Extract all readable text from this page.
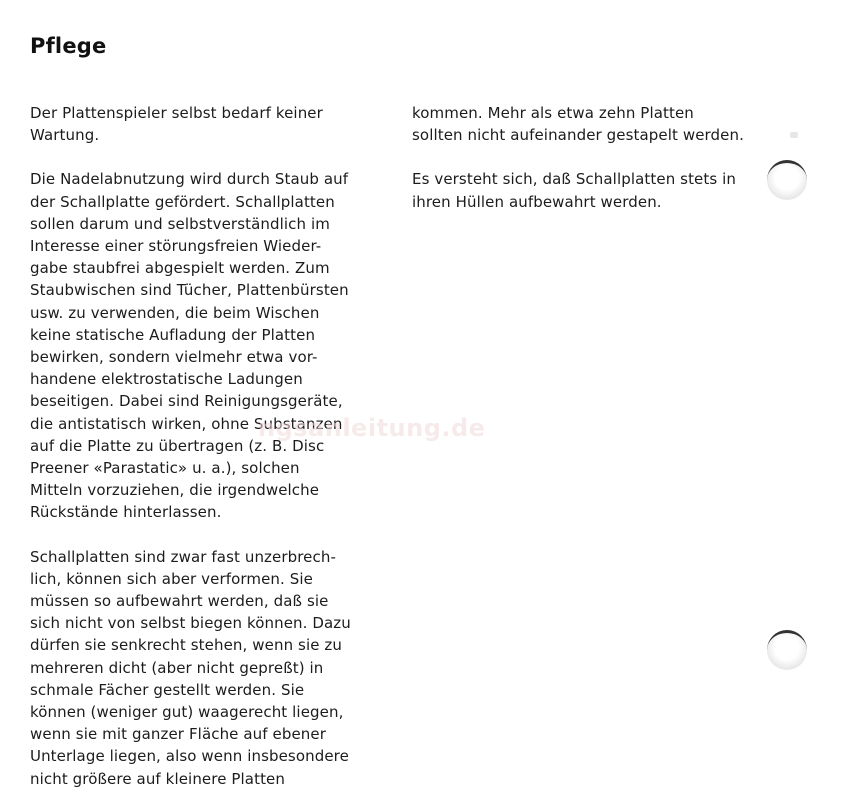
Pflege

Der Plattenspieler selbst bedarf keiner
Wartung.

Die Nadelabnutzung wird durch Staub auf
der Schallplatte gefördert. Schallplatten
sollen darum und selbstverständlich im
Interesse einer störungsfreien Wieder-
gabe staubfrei abgespielt werden. Zum
Staubwischen sind Tücher, Plattenbürsten
usw. zu verwenden, die beim Wischen
keine statische Aufladung der Platten
bewirken, sondern vielmehr etwa vor-
handene elektrostatische Ladungen
beseitigen. Dabei sind Reinigungsgeräte,
die antistatisch wirken, ohne Substanzen
auf die Platte zu übertragen (z. B. Disc
Preener «Parastatic» u. a.), solchen
Mitteln vorzuziehen, die irgendwelche
Rückstände hinterlassen.

Schallplatten sind zwar fast unzerbrech-
lich, können sich aber verformen. Sie
müssen so aufbewahrt werden, daß sie
sich nicht von selbst biegen können. Dazu
dürfen sie senkrecht stehen, wenn sie zu
mehreren dicht (aber nicht gepreßt) in
schmale Fächer gestellt werden. Sie
können (weniger gut) waagerecht liegen,
wenn sie mit ganzer Fläche auf ebener
Unterlage liegen, also wenn insbesondere
nicht größere auf kleinere Platten

kommen. Mehr als etwa zehn Platten
sollten nicht aufeinander gestapelt werden.

Es versteht sich, daß Schallplatten stets in
ihren Hüllen aufbewahrt werden.

ngsanleitung.de
